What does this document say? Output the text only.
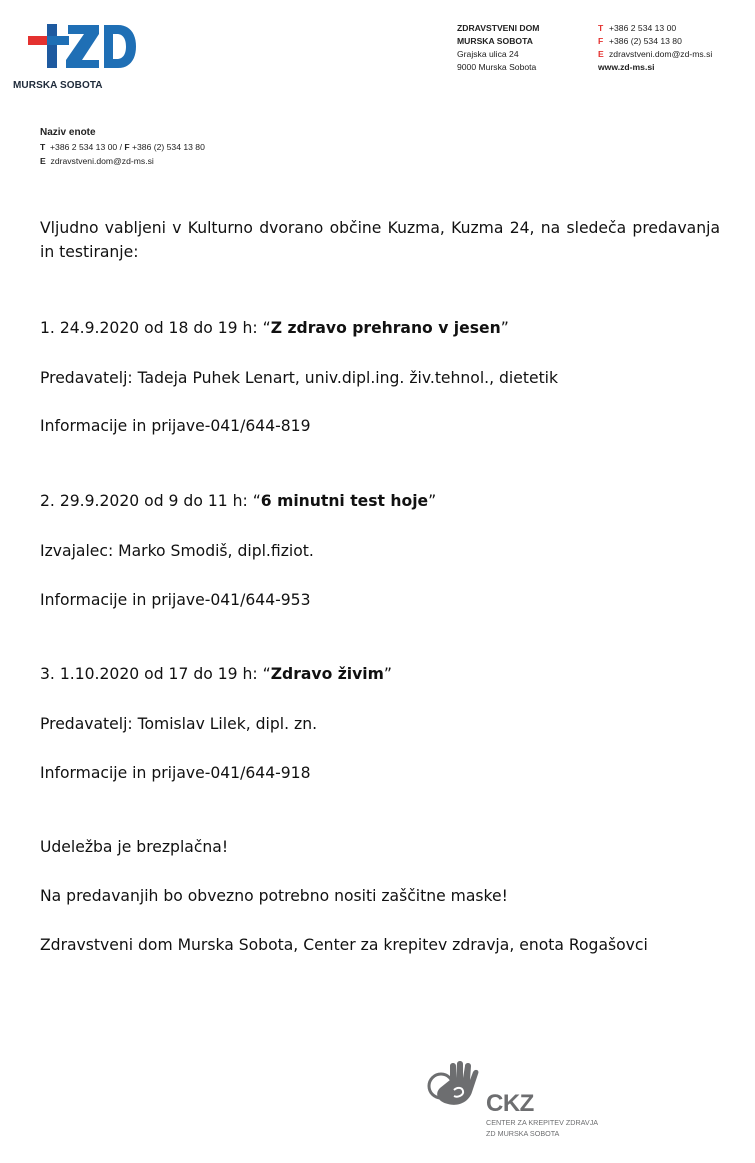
MURSKA SOBOTA
ZDRAVSTVENI DOM
MURSKA SOBOTA
Grajska ulica 24
9000 Murska Sobota
T +386 2 534 13 00
F +386 (2) 534 13 80
E zdravstveni.dom@zd-ms.si
www.zd-ms.si
Naziv enote
T +386 2 534 13 00 / F +386 (2) 534 13 80
E zdravstveni.dom@zd-ms.si
Vljudno vabljeni v Kulturno dvorano občine Kuzma, Kuzma 24, na sledeča predavanja in testiranje:
1. 24.9.2020 od 18 do 19 h: “Z zdravo prehrano v jesen”
Predavatelj: Tadeja Puhek Lenart, univ.dipl.ing. živ.tehnol., dietetik
Informacije in prijave-041/644-819
2. 29.9.2020 od 9 do 11 h: “6 minutni test hoje”
Izvajalec: Marko Smodiš, dipl.fiziot.
Informacije in prijave-041/644-953
3. 1.10.2020 od 17 do 19 h: “Zdravo živim”
Predavatelj: Tomislav Lilek, dipl. zn.
Informacije in prijave-041/644-918
Udeležba je brezplačna!
Na predavanjih bo obvezno potrebno nositi zaščitne maske!
Zdravstveni dom Murska Sobota, Center za krepitev zdravja, enota Rogašovci
CKZ
CENTER ZA KREPITEV ZDRAVJA
ZD MURSKA SOBOTA
